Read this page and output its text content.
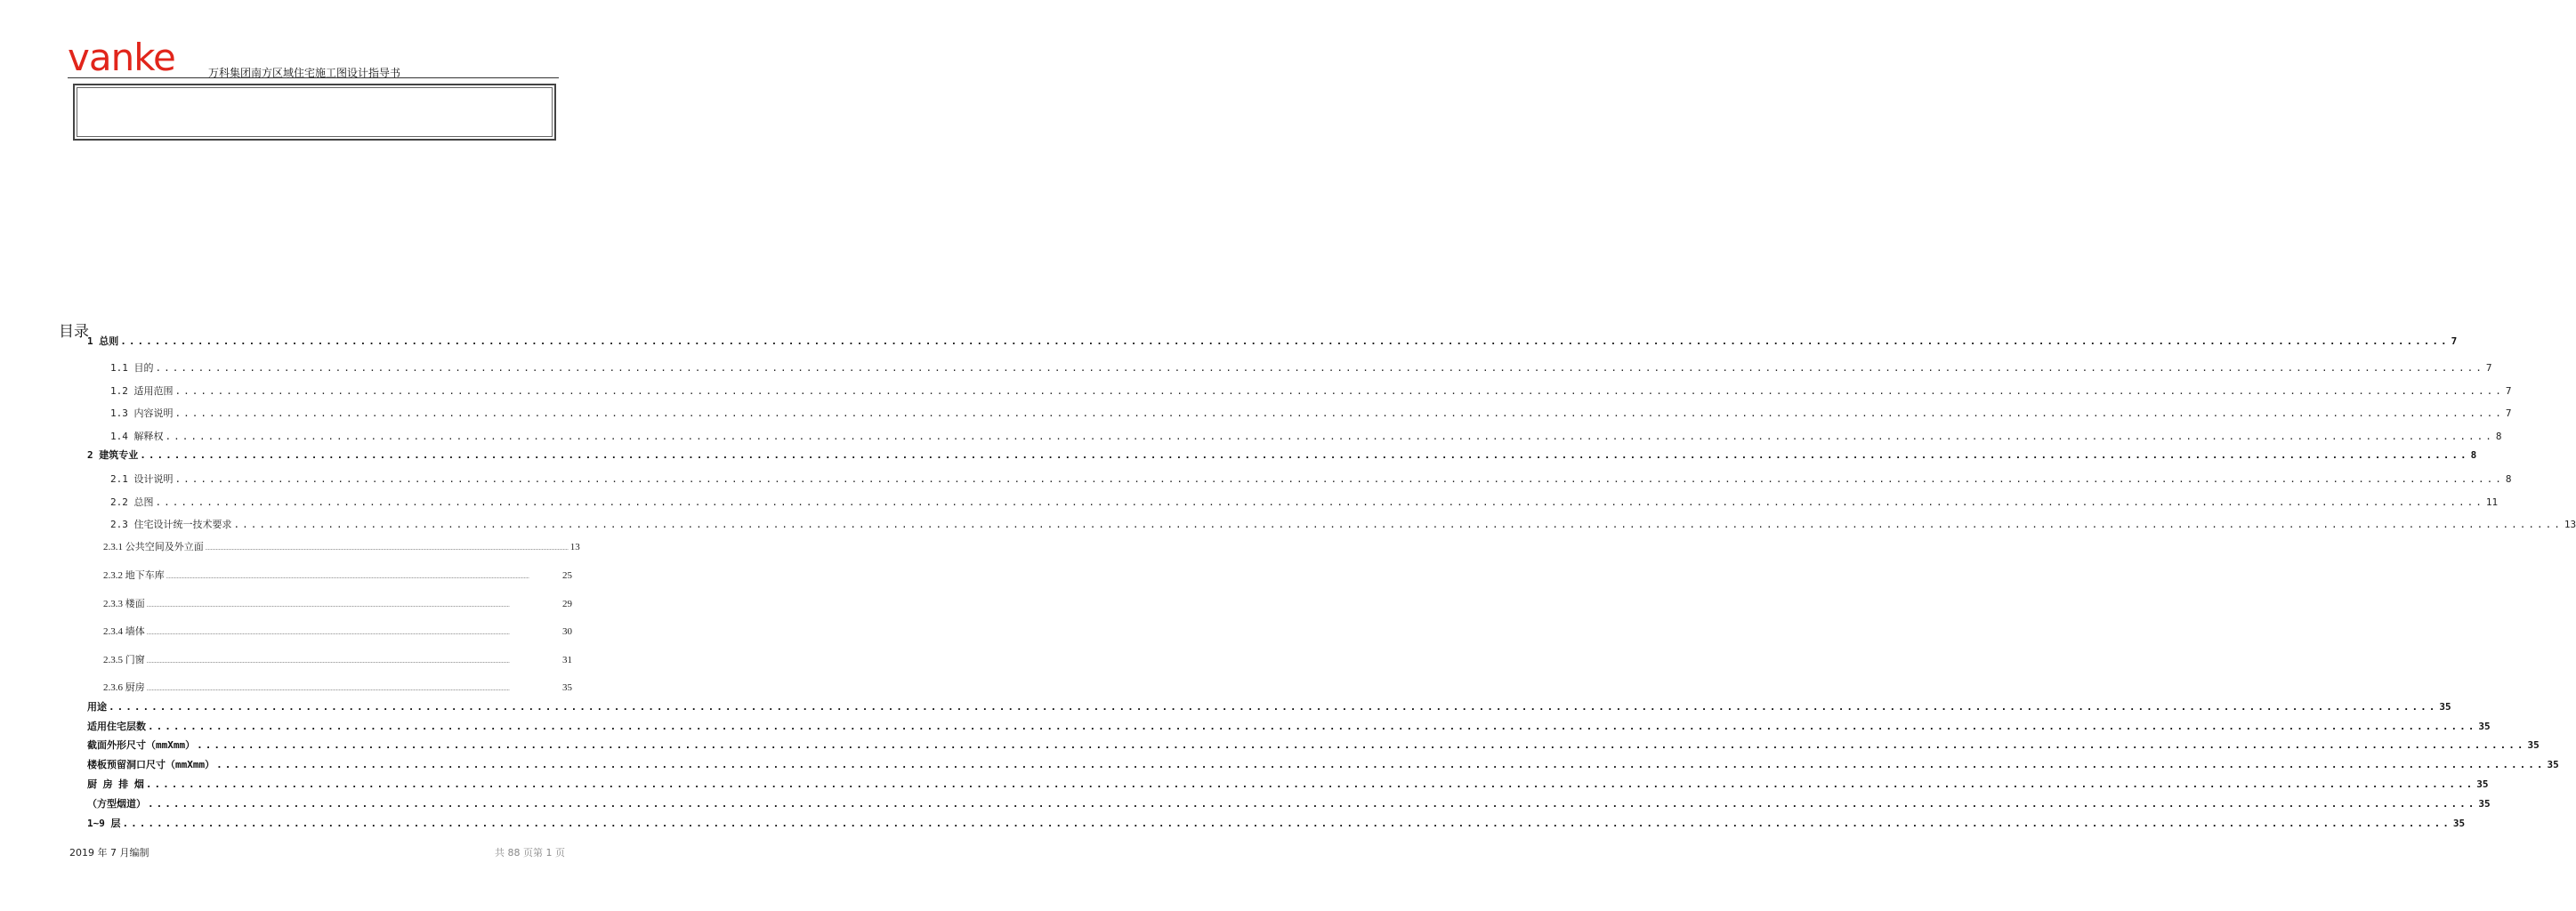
vanke	万科集团南方区域住宅施工图设计指导书
目录
1 总则 ................................................................................................................................................................................................................................................................................ 7
1.1 目的 ................................................................................................................................................................................................................................................................................ 7
1.2 适用范围 ................................................................................................................................................................................................................................................................................ 7
1.3 内容说明 ................................................................................................................................................................................................................................................................................ 7
1.4 解释权 ................................................................................................................................................................................................................................................................................ 8
2 建筑专业 ................................................................................................................................................................................................................................................................................ 8
2.1 设计说明 ................................................................................................................................................................................................................................................................................ 8
2.2 总图 ................................................................................................................................................................................................................................................................................ 11
2.3 住宅设计统一技术要求 ................................................................................................................................................................................................................................................................................ 13
2.3.1 公共空间及外立面 ................................................................................................................................................................................................................................................................................ 13
2.3.2 地下车库 ................................................................................................................................................................................................................................................................................	25
2.3.3 楼面 ................................................................................................................................................................................................................................................................................	29
2.3.4 墙体 ................................................................................................................................................................................................................................................................................	30
2.3.5 门窗 ................................................................................................................................................................................................................................................................................	31
2.3.6 厨房 ................................................................................................................................................................................................................................................................................	35
用途 ................................................................................................................................................................................................................................................................................ 35
适用住宅层数 ................................................................................................................................................................................................................................................................................ 35
截面外形尺寸（mmXmm） ................................................................................................................................................................................................................................................................................ 35
楼板预留洞口尺寸（mmXmm） ................................................................................................................................................................................................................................................................................ 35
厨 房 排 烟 ................................................................................................................................................................................................................................................................................ 35
（方型烟道） ................................................................................................................................................................................................................................................................................ 35
1~9 层 ................................................................................................................................................................................................................................................................................ 35
2019 年 7 月编制	共 88 页第 1 页
